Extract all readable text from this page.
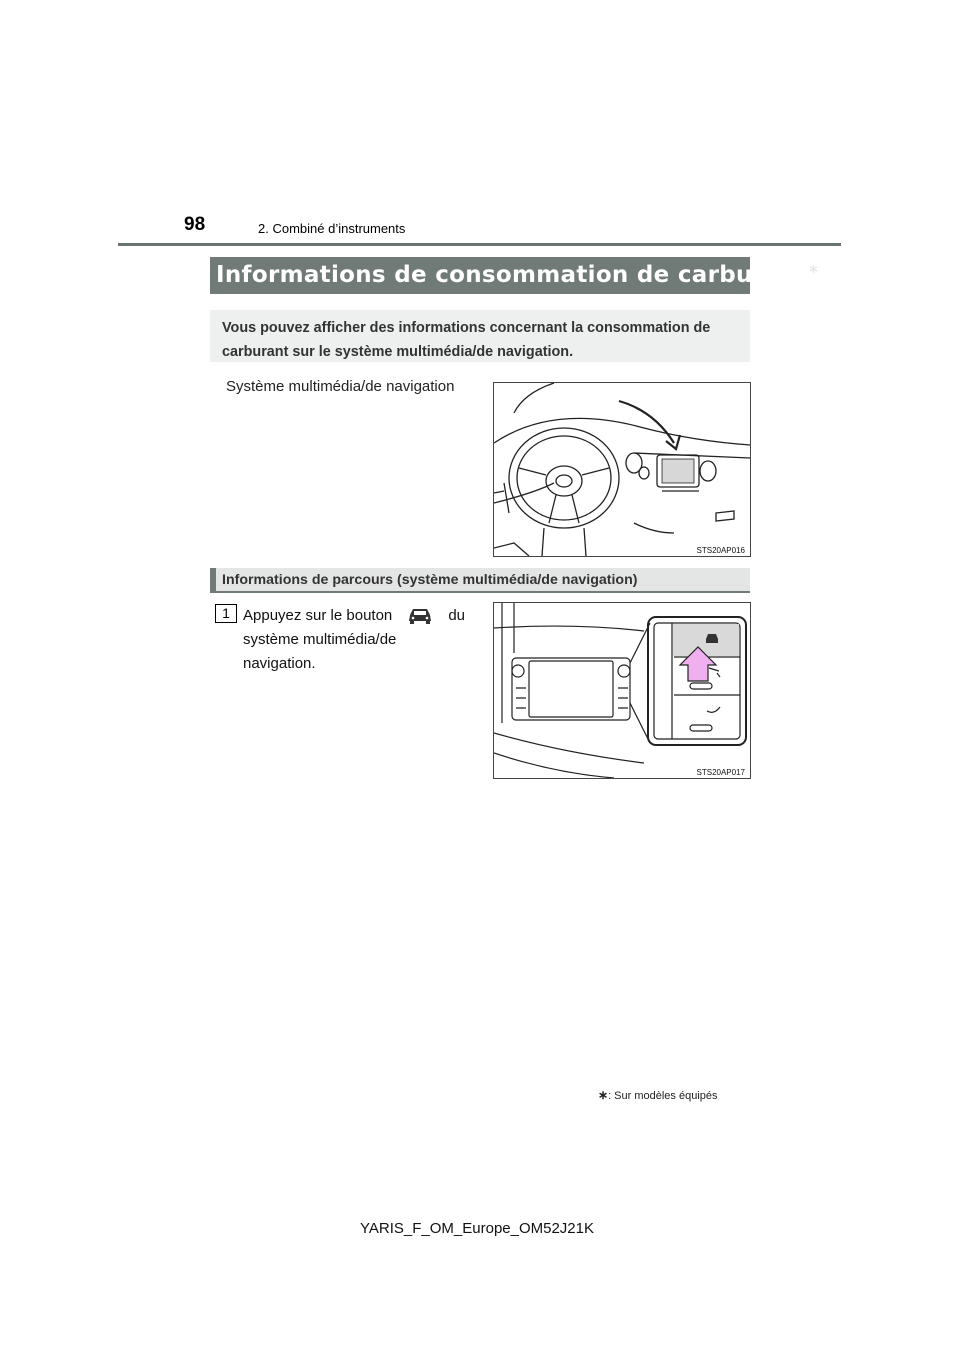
98	2. Combiné d’instruments
Informations de consommation de carburant∗
Vous pouvez afficher des informations concernant la consommation de carburant sur le système multimédia/de navigation.
Système multimédia/de navigation
STS20AP016
Informations de parcours (système multimédia/de navigation)
1 Appuyez sur le bouton	du
système multimédia/de navigation.
STS20AP017
∗: Sur modèles équipés
YARIS_F_OM_Europe_OM52J21K
